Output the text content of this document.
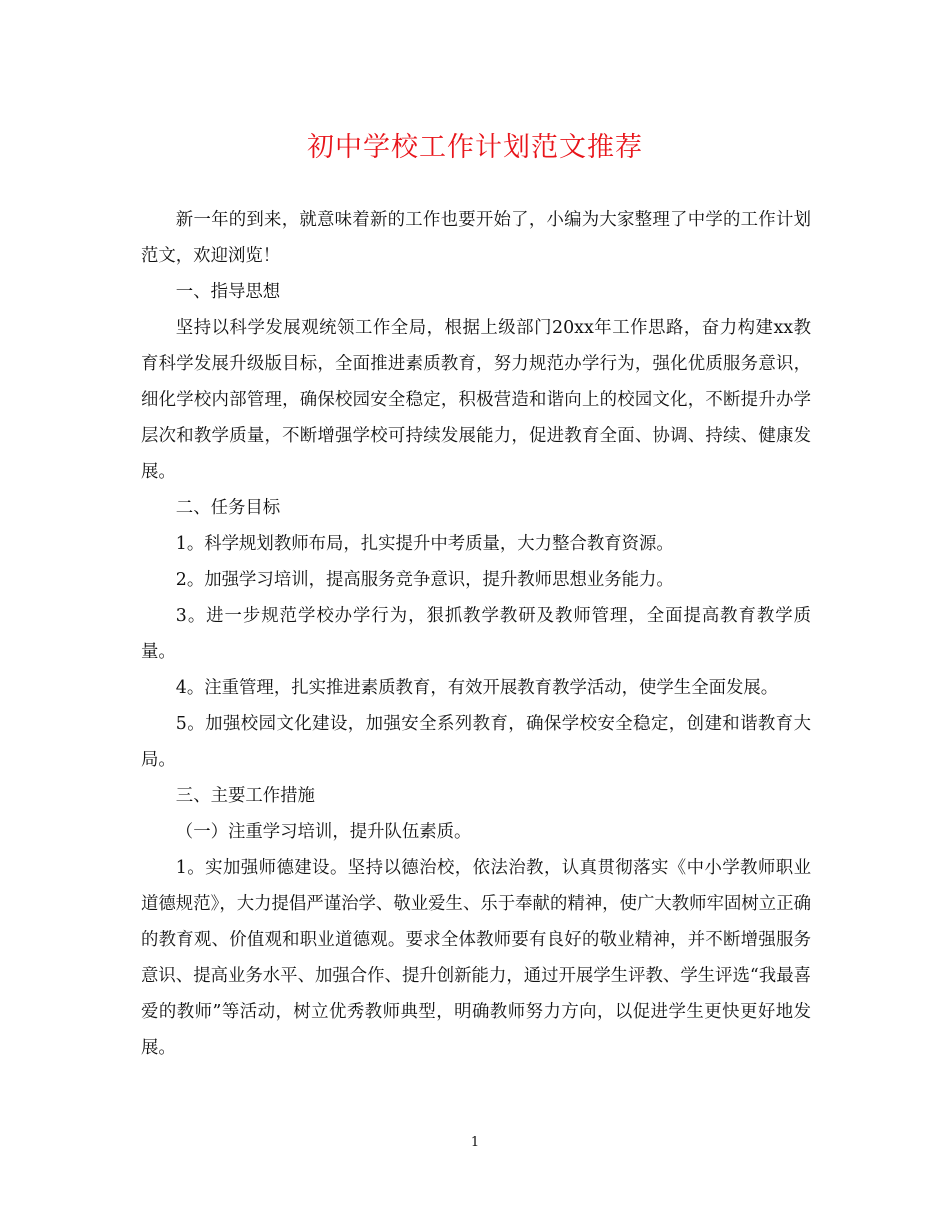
初中学校工作计划范文推荐

新一年的到来，就意味着新的工作也要开始了，小编为大家整理了中学的工作计划范文，欢迎浏览！

一、指导思想

坚持以科学发展观统领工作全局，根据上级部门20xx年工作思路，奋力构建xx教育科学发展升级版目标，全面推进素质教育，努力规范办学行为，强化优质服务意识，细化学校内部管理，确保校园安全稳定，积极营造和谐向上的校园文化，不断提升办学层次和教学质量，不断增强学校可持续发展能力，促进教育全面、协调、持续、健康发展。

二、任务目标

1。科学规划教师布局，扎实提升中考质量，大力整合教育资源。

2。加强学习培训，提高服务竞争意识，提升教师思想业务能力。

3。进一步规范学校办学行为，狠抓教学教研及教师管理，全面提高教育教学质量。

4。注重管理，扎实推进素质教育，有效开展教育教学活动，使学生全面发展。

5。加强校园文化建设，加强安全系列教育，确保学校安全稳定，创建和谐教育大局。

三、主要工作措施

（一）注重学习培训，提升队伍素质。

1。实加强师德建设。坚持以德治校，依法治教，认真贯彻落实《中小学教师职业道德规范》，大力提倡严谨治学、敬业爱生、乐于奉献的精神，使广大教师牢固树立正确的教育观、价值观和职业道德观。要求全体教师要有良好的敬业精神，并不断增强服务意识、提高业务水平、加强合作、提升创新能力，通过开展学生评教、学生评选“我最喜爱的教师”等活动，树立优秀教师典型，明确教师努力方向，以促进学生更快更好地发展。

1
